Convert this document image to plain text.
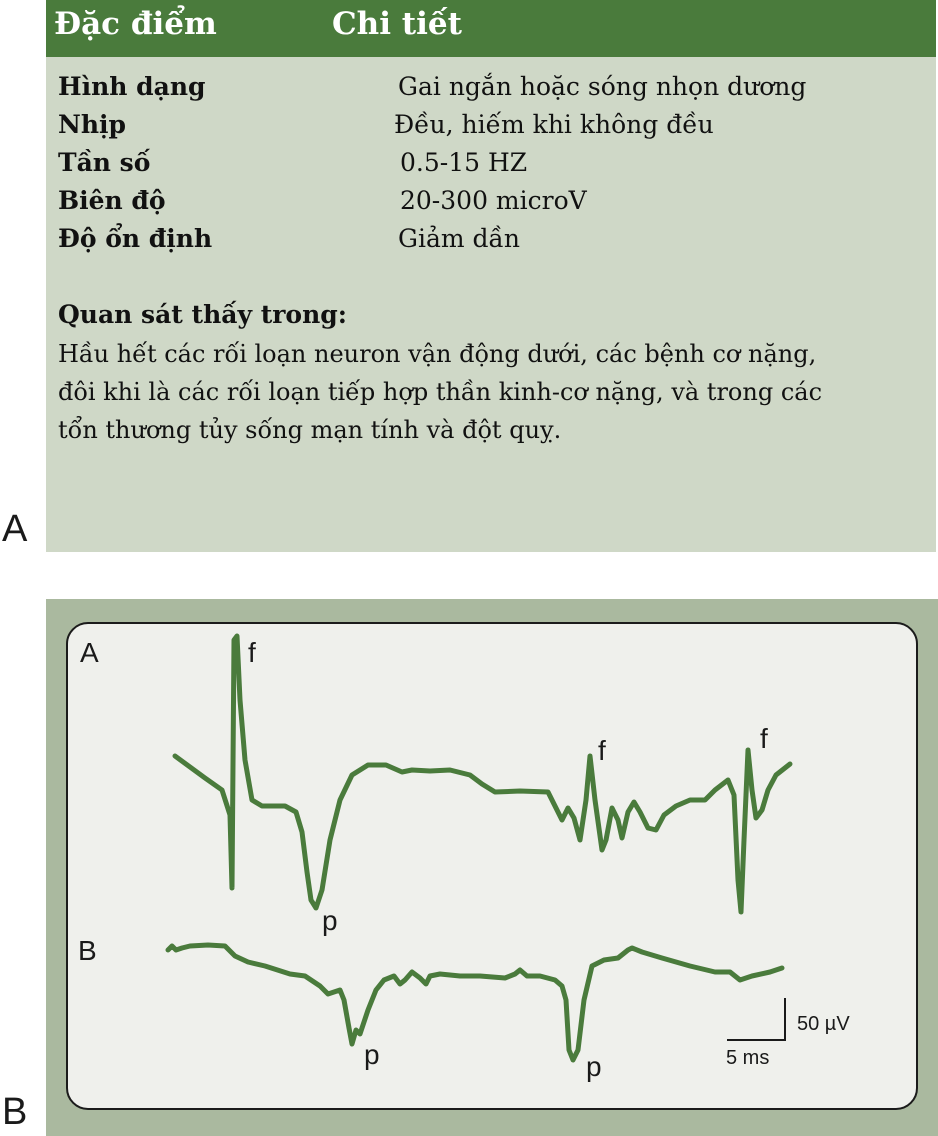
A
B
Đặc điểm	Chi tiết
Hình dạng	Gai ngắn hoặc sóng nhọn dương
Nhịp	Đều, hiếm khi không đều
Tần số	0.5-15 HZ
Biên độ	20-300 microV
Độ ổn định	Giảm dần
Quan sát thấy trong:
Hầu hết các rối loạn neuron vận động dưới, các bệnh cơ nặng,
đôi khi là các rối loạn tiếp hợp thần kinh-cơ nặng, và trong các
tổn thương tủy sống mạn tính và đột quỵ.
A
B
f
f	f
p
p	p
50 µV
5 ms
